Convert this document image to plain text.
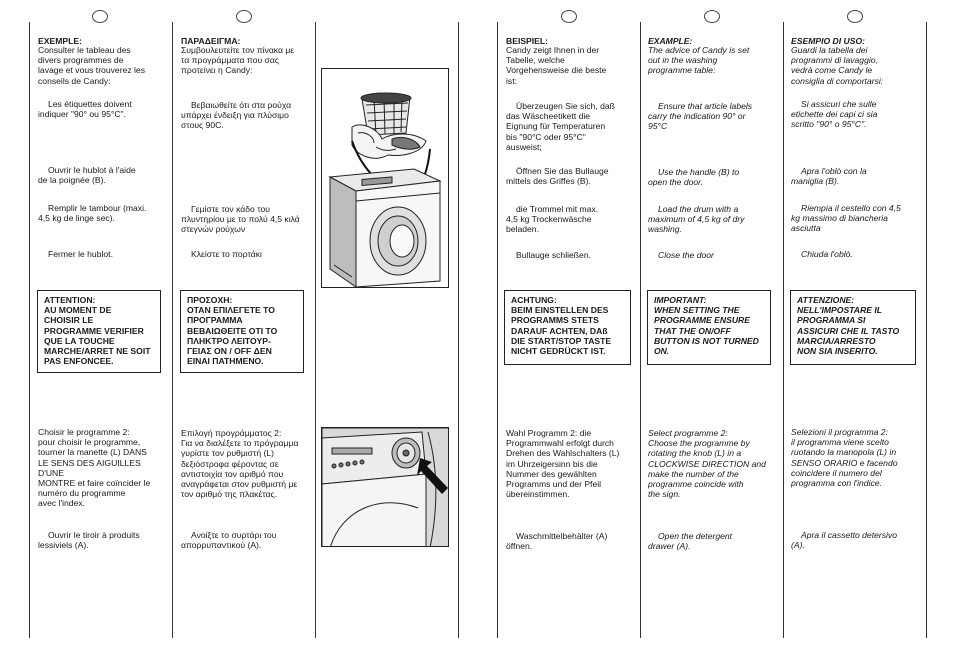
EXEMPLE:

Consulter le tableau des
divers programmes de
lavage et vous trouverez les
conseils de Candy:

Les étiquettes doivent
indiquer "90° ou 95°C".

Ouvrir le hublot à l'aide
de la poignée (B).

Remplir le tambour (maxi.
4,5 kg de linge sec).

Fermer le hublot.

Choisir le programme 2:
pour choisir le programme,
tourner la manette (L) DANS
LE SENS DES AIGUILLES D'UNE
MONTRE et faire coïncider le
numéro du programme
avec l'index.

Ouvrir le tiroir à produits
lessiviels (A).

ATTENTION:
AU MOMENT DE
CHOISIR LE
PROGRAMME VERIFIER
QUE LA TOUCHE
MARCHE/ARRET NE SOIT
PAS ENFONCEE.

ΠΑΡΑΔΕΙΓΜΑ:

Συμβουλευτείτε τον πίνακα με
τα προγράμματα που σας
προτείνει η Candy:

Βεβαιωθείτε ότι στα ρούχα
υπάρχει ένδειξη για πλύσιμο
στους 90C.

Γεμίστε τον κάδο του
πλυντηρίου με το πολύ 4,5 κιλά
στεγνών ρούχων

Κλείστε το πορτάκι

Επιλογή προγράμματος 2:
Για να διαλέξετε το πρόγραμμα
γυρίστε τον ρυθμιστή (L)
δεξιόστροφα φέροντας σε
αντιστοιχία τον αριθμό που
αναγράφεται στον ρυθμιστή με
τον αριθμό της πλακέτας.

Ανοίξτε το συρτάρι του
απορρυπαντικού (A).

ΠΡΟΣΟΧΗ:
ΟΤΑΝ ΕΠΙΛΕΓΕΤΕ ΤΟ
ΠΡΟΓΡΑΜΜΑ
ΒΕΒΑΙΩΘΕΙΤΕ ΟΤΙ ΤΟ
ΠΛΗΚΤΡΟ ΛΕΙΤΟΥΡ-
ΓΕΙΑΣ ON / OFF ΔΕΝ
ΕΙΝΑΙ ΠΑΤΗΜΕΝΟ.

BEISPIEL:

Candy zeigt Ihnen in der
Tabelle, welche
Vorgehensweise die beste
ist:

Überzeugen Sie sich, daß
das Wäscheetikett die
Eignung für Temperaturen
bis "90°C oder 95°C"
ausweist;

Öffnen Sie das Bullauge
mittels des Griffes (B).

die Trommel mit max.
4,5 kg Trockenwäsche
beladen.

Bullauge schließen.

Wahl Programm 2: die
Programmwahl erfolgt durch
Drehen des Wahlschalters (L)
im Uhrzeigersinn bis die
Nummer des gewählten
Programms und der Pfeil
übereinstimmen.

Waschmittelbehälter (A)
öffnen.

ACHTUNG:
BEIM EINSTELLEN DES
PROGRAMMS STETS
DARAUF ACHTEN, DAß
DIE START/STOP TASTE
NICHT GEDRÜCKT IST.

EXAMPLE:

The advice of Candy is set
out in the washing
programme table:

Ensure that article labels
carry the indication 90° or
95°C

Use the handle (B) to
open the door.

Load the drum with a
maximum of 4,5 kg of dry
washing.

Close the door

Select programme 2:
Choose the programme by
rotating the knob (L) in a
CLOCKWISE DIRECTION and
make the number of the
programme coincide with
the sign.

Open the detergent
drawer (A).

IMPORTANT:
WHEN SETTING THE
PROGRAMME ENSURE
THAT THE ON/OFF
BUTTON IS NOT TURNED
ON.

ESEMPIO DI USO:

Guardi la tabella dei
programmi di lavaggio,
vedrà come Candy le
consiglia di comportarsi:

Si assicuri che sulle
etichette dei capi ci sia
scritto "90° o 95°C".

Apra l'oblò con la
maniglia (B).

Riempia il cestello con 4,5
kg massimo di biancheria
asciutta

Chiuda l'oblò.

Selezioni il programma 2:
il programma viene scelto
ruotando la manopola (L) in
SENSO ORARIO e facendo
coincidere il numero del
programma con l'indice.

Apra il cassetto detersivo
(A).

ATTENZIONE:
NELL'IMPOSTARE IL
PROGRAMMA SI
ASSICURI CHE IL TASTO
MARCIA/ARRESTO
NON SIA INSERITO.
